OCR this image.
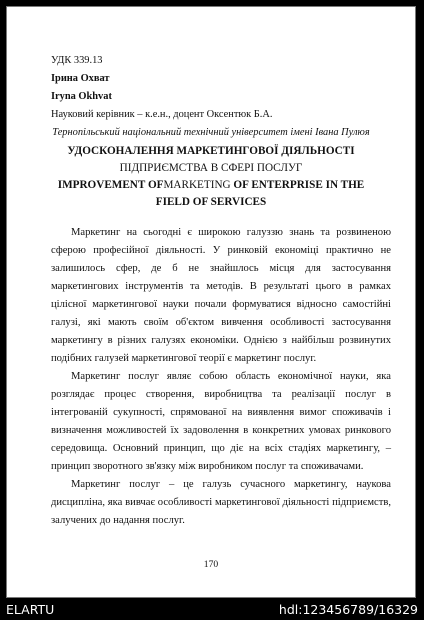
УДК 339.13
Ірина Охват
Iryna Okhvat
Науковий керівник – к.е.н., доцент Оксентюк Б.А.
Тернопільський національний технічний університет імені Івана Пулюя
УДОСКОНАЛЕННЯ МАРКЕТИНГОВОЇ ДІЯЛЬНОСТІ
ПІДПРИЄМСТВА В СФЕРІ ПОСЛУГ
IMPROVEMENT OFMARKETING OF ENTERPRISE IN THE
FIELD OF SERVICES
Маркетинг на сьогодні є широкою галуззю знань та розвиненою
сферою професійної діяльності. У ринковій економіці практично не
залишилось сфер, де б не знайшлось місця для застосування
маркетингових інструментів та методів. В результаті цього в рамках
цілісної маркетингової науки почали формуватися відносно самостійні
галузі, які мають своїм об'єктом вивчення особливості застосування
маркетингу в різних галузях економіки. Однією з найбільш розвинутих
подібних галузей маркетингової теорії є маркетинг послуг.
Маркетинг послуг являє собою область економічної науки, яка
розглядає процес створення, виробництва та реалізації послуг в
інтегрованій сукупності, спрямованої на виявлення вимог споживачів і
визначення можливостей їх задоволення в конкретних умовах ринкового
середовища. Основний принцип, що діє на всіх стадіях маркетингу, –
принцип зворотного зв'язку між виробником послуг та споживачами.
Маркетинг послуг – це галузь сучасного маркетингу, наукова
дисципліна, яка вивчає особливості маркетингової діяльності підприємств,
залучених до надання послуг.
170
ELARTU	hdl:123456789/16329
